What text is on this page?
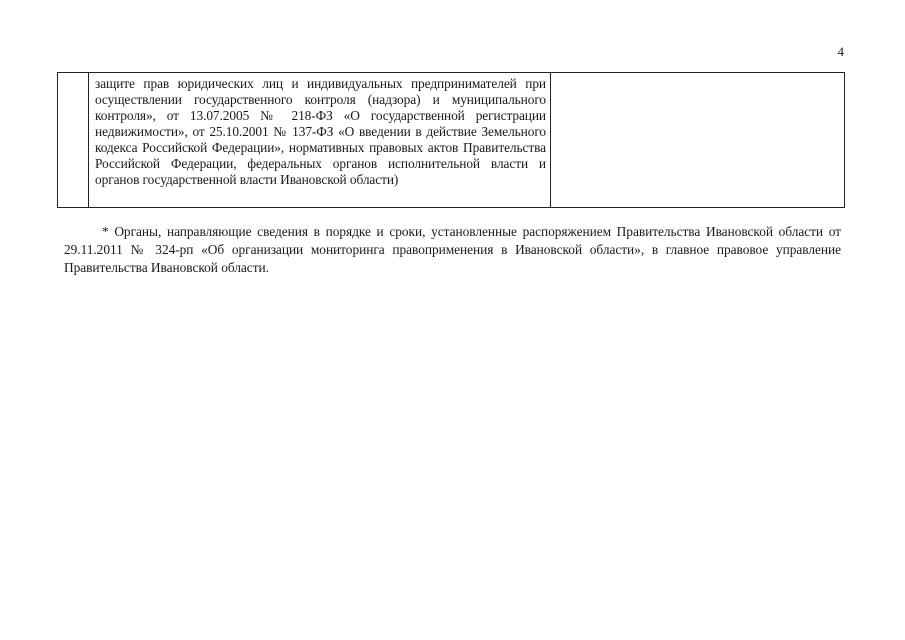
4

защите прав юридических лиц и индивидуальных предпринимателей при осуществлении государственного контроля (надзора) и муниципального контроля», от 13.07.2005 № 218-ФЗ «О государственной регистрации недвижимости», от 25.10.2001 № 137-ФЗ «О введении в действие Земельного кодекса Российской Федерации», нормативных правовых актов Правительства Российской Федерации, федеральных органов исполнительной власти и органов государственной власти Ивановской области)

* Органы, направляющие сведения в порядке и сроки, установленные распоряжением Правительства Ивановской области от 29.11.2011 № 324-рп «Об организации мониторинга правоприменения в Ивановской области», в главное правовое управление Правительства Ивановской области.
